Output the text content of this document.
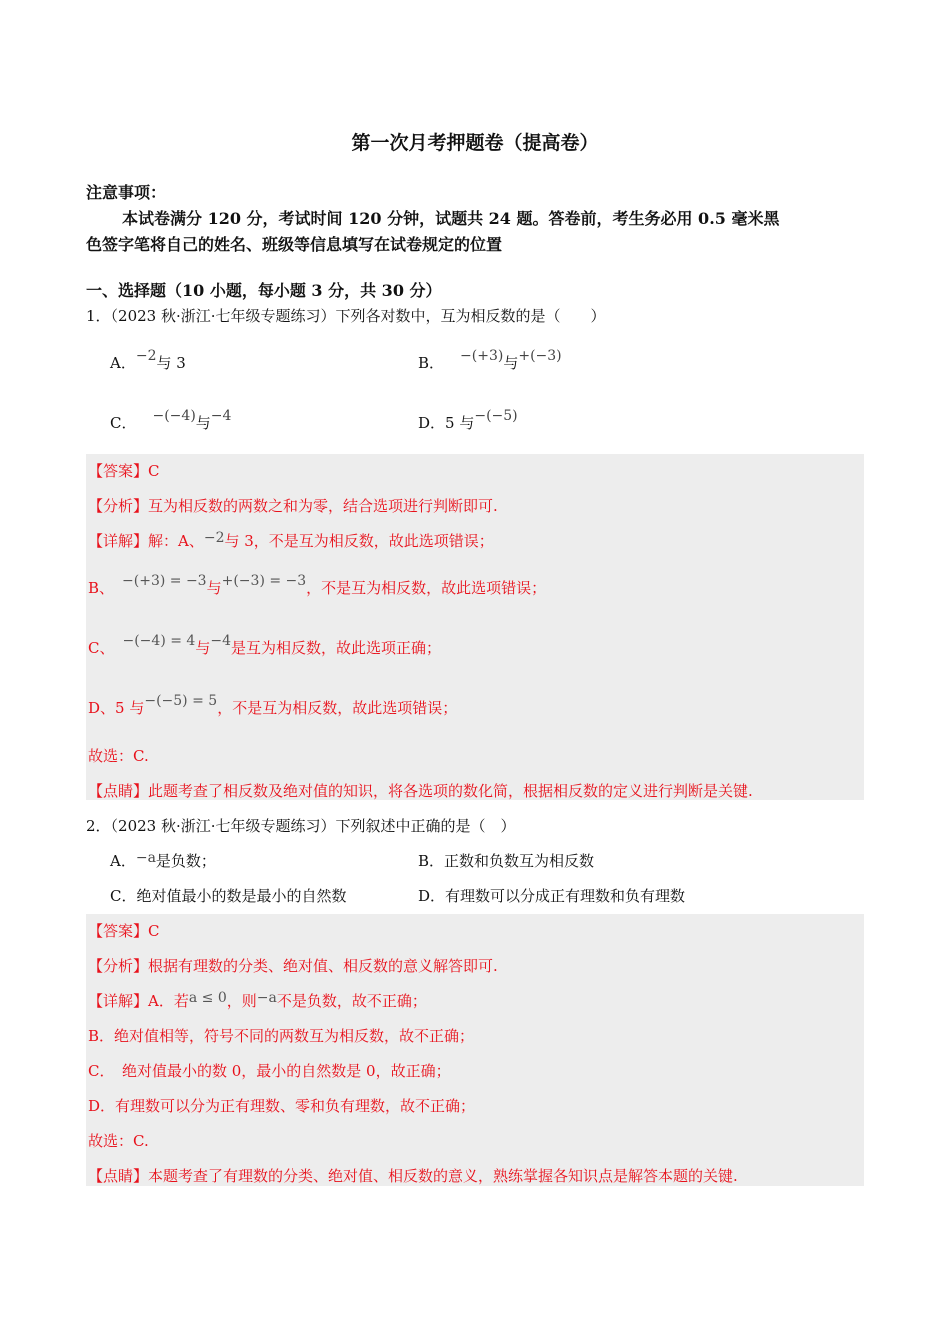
第一次月考押题卷（提高卷）
注意事项：
本试卷满分 120 分，考试时间 120 分钟，试题共 24 题。答卷前，考生务必用 0.5 毫米黑
色签字笔将自己的姓名、班级等信息填写在试卷规定的位置
一、选择题（10 小题，每小题 3 分，共 30 分）
1．（2023 秋·浙江·七年级专题练习）下列各对数中，互为相反数的是（　　）
A．−2与 3	B． −(+3)与+(−3)
C． −(−4)与−4	D．5 与−(−5)
【答案】C
【分析】互为相反数的两数之和为零，结合选项进行判断即可.
【详解】解：A、−2与 3，不是互为相反数，故此选项错误；
B、 −(+3) = −3与+(−3) = −3，不是互为相反数，故此选项错误；
C、 −(−4) = 4与−4是互为相反数，故此选项正确；
D、5 与−(−5) = 5，不是互为相反数，故此选项错误；
故选：C.
【点睛】此题考查了相反数及绝对值的知识，将各选项的数化简，根据相反数的定义进行判断是关键.
2．（2023 秋·浙江·七年级专题练习）下列叙述中正确的是（　）
A．−a是负数；	B．正数和负数互为相反数
C．绝对值最小的数是最小的自然数	D．有理数可以分成正有理数和负有理数
【答案】C
【分析】根据有理数的分类、绝对值、相反数的意义解答即可.
【详解】A．若a ≤ 0，则−a不是负数，故不正确；
B．绝对值相等，符号不同的两数互为相反数，故不正确；
C．　绝对值最小的数 0，最小的自然数是 0，故正确；
D．有理数可以分为正有理数、零和负有理数，故不正确；
故选：C.
【点睛】本题考查了有理数的分类、绝对值、相反数的意义，熟练掌握各知识点是解答本题的关键.
